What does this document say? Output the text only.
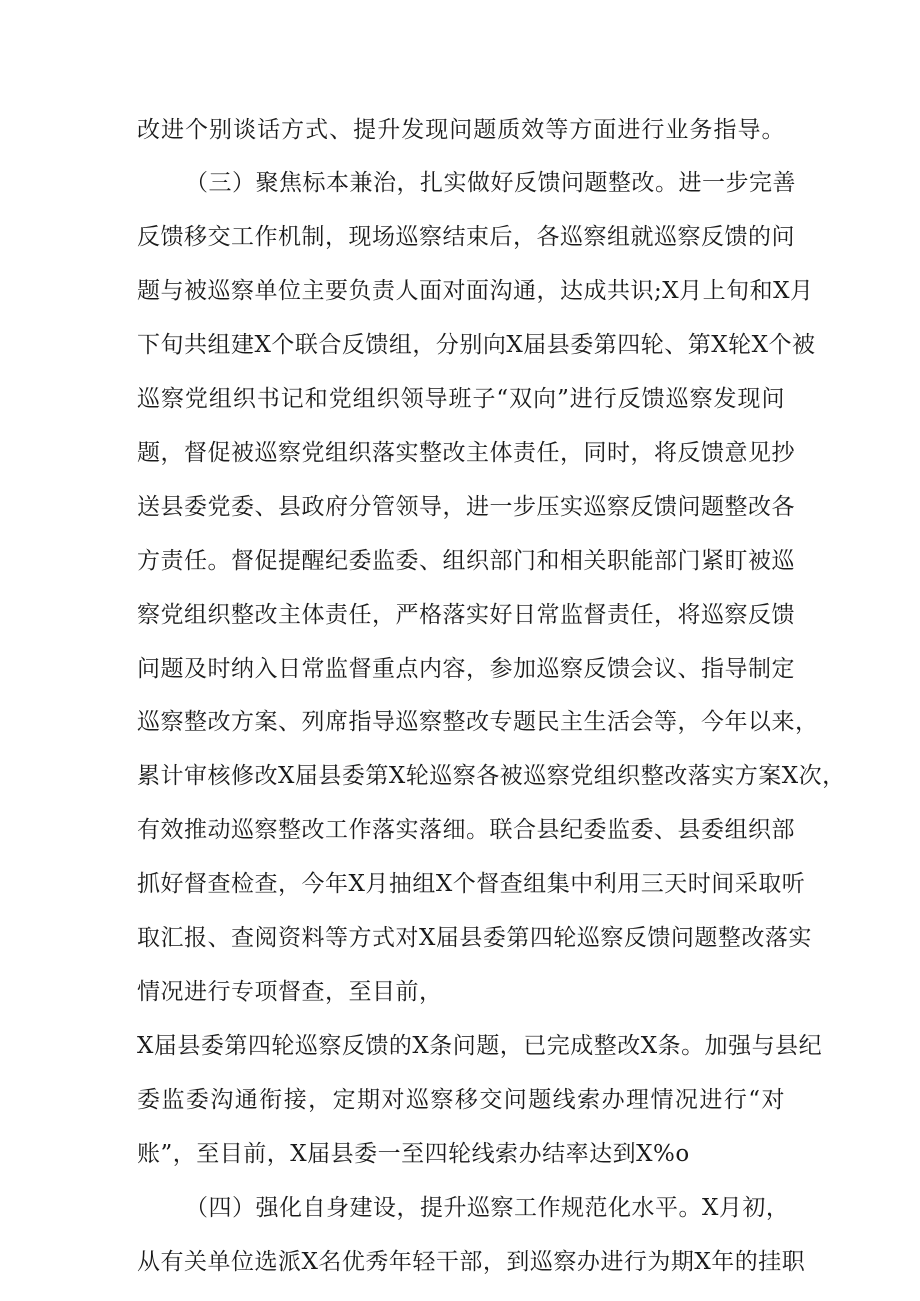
改进个别谈话方式、提升发现问题质效等方面进行业务指导。
（三）聚焦标本兼治，扎实做好反馈问题整改。进一步完善
反馈移交工作机制，现场巡察结束后，各巡察组就巡察反馈的问
题与被巡察单位主要负责人面对面沟通，达成共识;X月上旬和X月
下旬共组建X个联合反馈组，分别向X届县委第四轮、第X轮X个被
巡察党组织书记和党组织领导班子“双向”进行反馈巡察发现问
题，督促被巡察党组织落实整改主体责任，同时，将反馈意见抄
送县委党委、县政府分管领导，进一步压实巡察反馈问题整改各
方责任。督促提醒纪委监委、组织部门和相关职能部门紧盯被巡
察党组织整改主体责任，严格落实好日常监督责任，将巡察反馈
问题及时纳入日常监督重点内容，参加巡察反馈会议、指导制定
巡察整改方案、列席指导巡察整改专题民主生活会等，今年以来，
累计审核修改X届县委第X轮巡察各被巡察党组织整改落实方案X次，
有效推动巡察整改工作落实落细。联合县纪委监委、县委组织部
抓好督查检查，今年X月抽组X个督查组集中利用三天时间采取听
取汇报、查阅资料等方式对X届县委第四轮巡察反馈问题整改落实
情况进行专项督查，至目前，
X届县委第四轮巡察反馈的X条问题，已完成整改X条。加强与县纪
委监委沟通衔接，定期对巡察移交问题线索办理情况进行“对
账”，至目前，X届县委一至四轮线索办结率达到X%o
（四）强化自身建设，提升巡察工作规范化水平。X月初，
从有关单位选派X名优秀年轻干部，到巡察办进行为期X年的挂职
